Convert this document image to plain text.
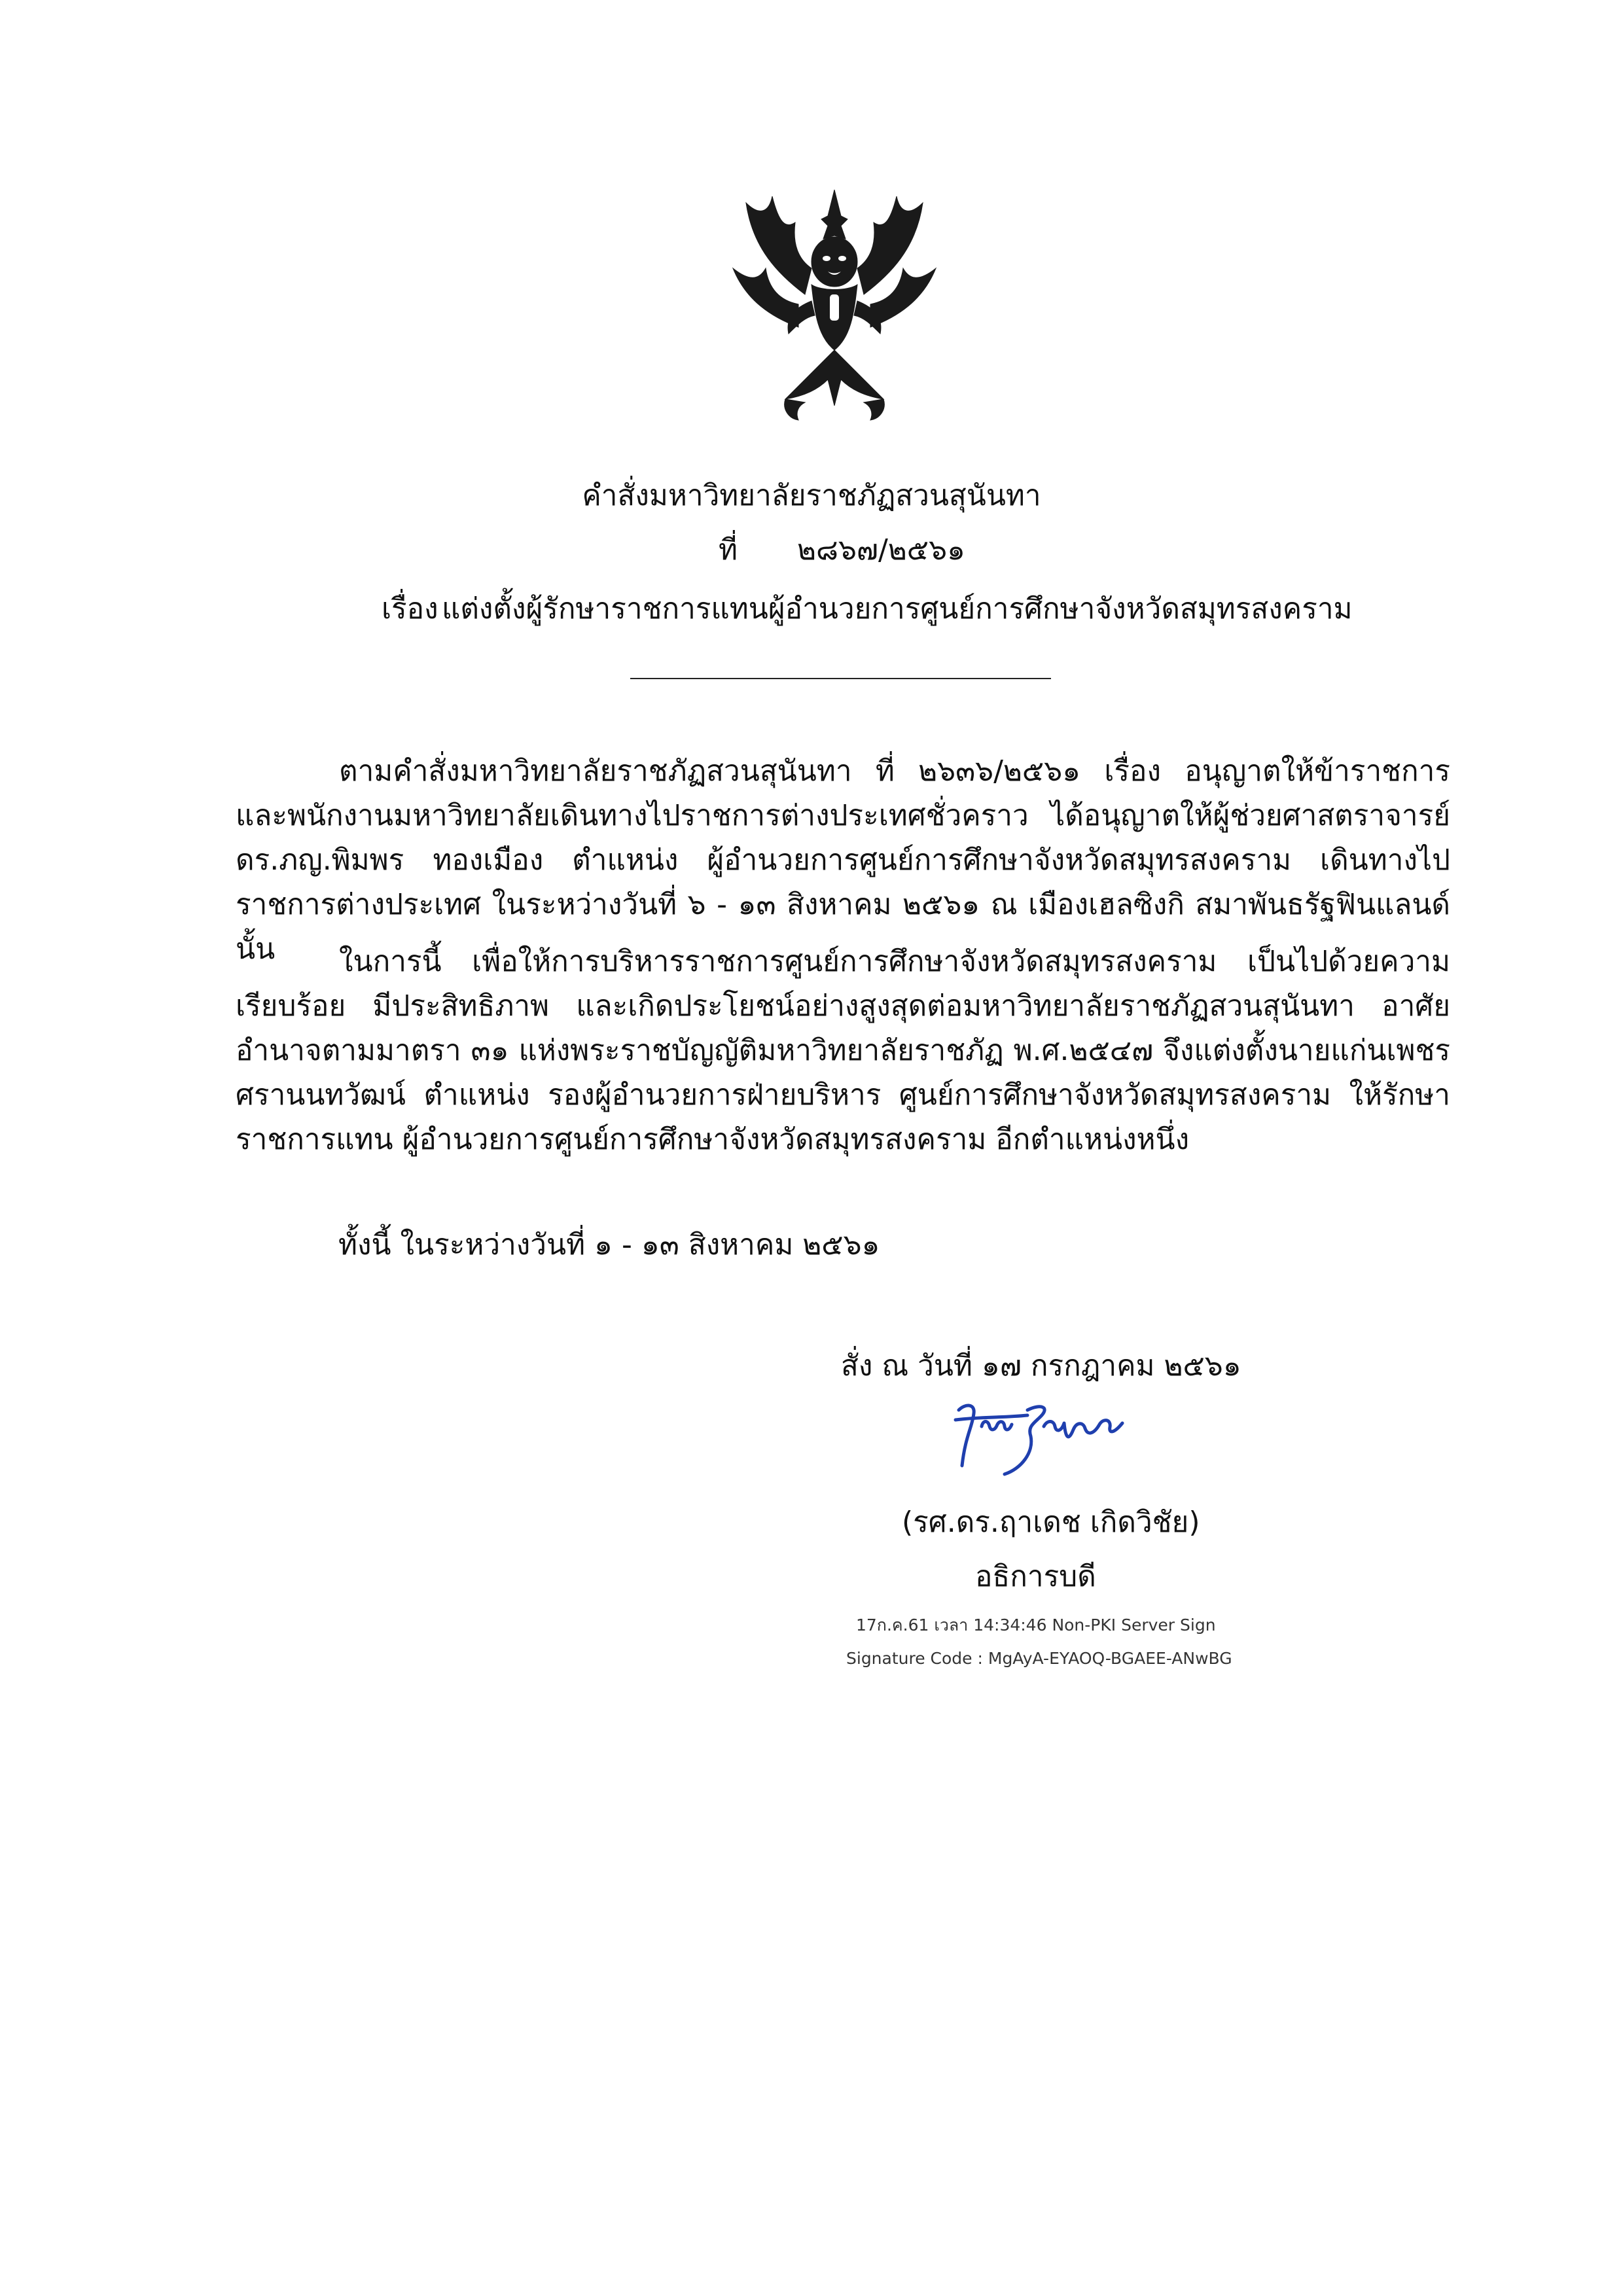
คำสั่งมหาวิทยาลัยราชภัฏสวนสุนันทา
ที่ ๒๘๖๗/๒๕๖๑
เรื่อง แต่งตั้งผู้รักษาราชการแทนผู้อำนวยการศูนย์การศึกษาจังหวัดสมุทรสงคราม

ตามคำสั่งมหาวิทยาลัยราชภัฏสวนสุนันทา ที่ ๒๖๓๖/๒๕๖๑ เรื่อง อนุญาตให้ข้าราชการ และพนักงานมหาวิทยาลัยเดินทางไปราชการต่างประเทศชั่วคราว ได้อนุญาตให้ผู้ช่วยศาสตราจารย์ ดร.ภญ.พิมพร ทองเมือง ตำแหน่ง ผู้อำนวยการศูนย์การศึกษาจังหวัดสมุทรสงคราม เดินทางไปราชการต่างประเทศ ในระหว่างวันที่ ๖ - ๑๓ สิงหาคม ๒๕๖๑ ณ เมืองเฮลซิงกิ สมาพันธรัฐฟินแลนด์ นั้น	ในการนี้ เพื่อให้การบริหารราชการศูนย์การศึกษาจังหวัดสมุทรสงคราม เป็นไปด้วยความเรียบร้อย มีประสิทธิภาพ และเกิดประโยชน์อย่างสูงสุดต่อมหาวิทยาลัยราชภัฏสวนสุนันทา อาศัยอำนาจตามมาตรา ๓๑ แห่งพระราชบัญญัติมหาวิทยาลัยราชภัฏ พ.ศ.๒๕๔๗ จึงแต่งตั้งนายแก่นเพชร ศรานนทวัฒน์ ตำแหน่ง รองผู้อำนวยการฝ่ายบริหาร ศูนย์การศึกษาจังหวัดสมุทรสงคราม ให้รักษาราชการแทน ผู้อำนวยการศูนย์การศึกษาจังหวัดสมุทรสงคราม อีกตำแหน่งหนึ่ง

ทั้งนี้ ในระหว่างวันที่ ๑ - ๑๓ สิงหาคม ๒๕๖๑
สั่ง ณ วันที่ ๑๗ กรกฎาคม ๒๕๖๑
(รศ.ดร.ฤาเดช เกิดวิชัย)
อธิการบดี
17ก.ค.61 เวลา 14:34:46 Non-PKI Server Sign
Signature Code : MgAyA-EYAOQ-BGAEE-ANwBG
